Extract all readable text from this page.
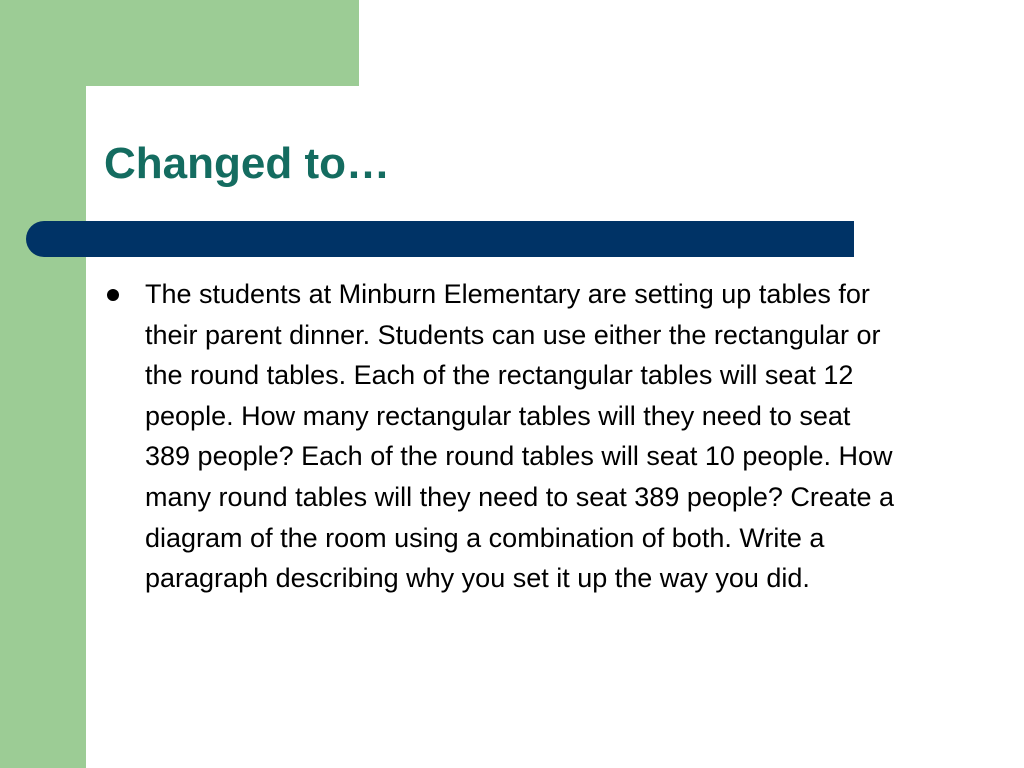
Changed to…
The students at Minburn Elementary are setting up tables for their parent dinner. Students can use either the rectangular or the round tables. Each of the rectangular tables will seat 12 people. How many rectangular tables will they need to seat 389 people? Each of the round tables will seat 10 people. How many round tables will they need to seat 389 people? Create a diagram of the room using a combination of both. Write a paragraph describing why you set it up the way you did.
